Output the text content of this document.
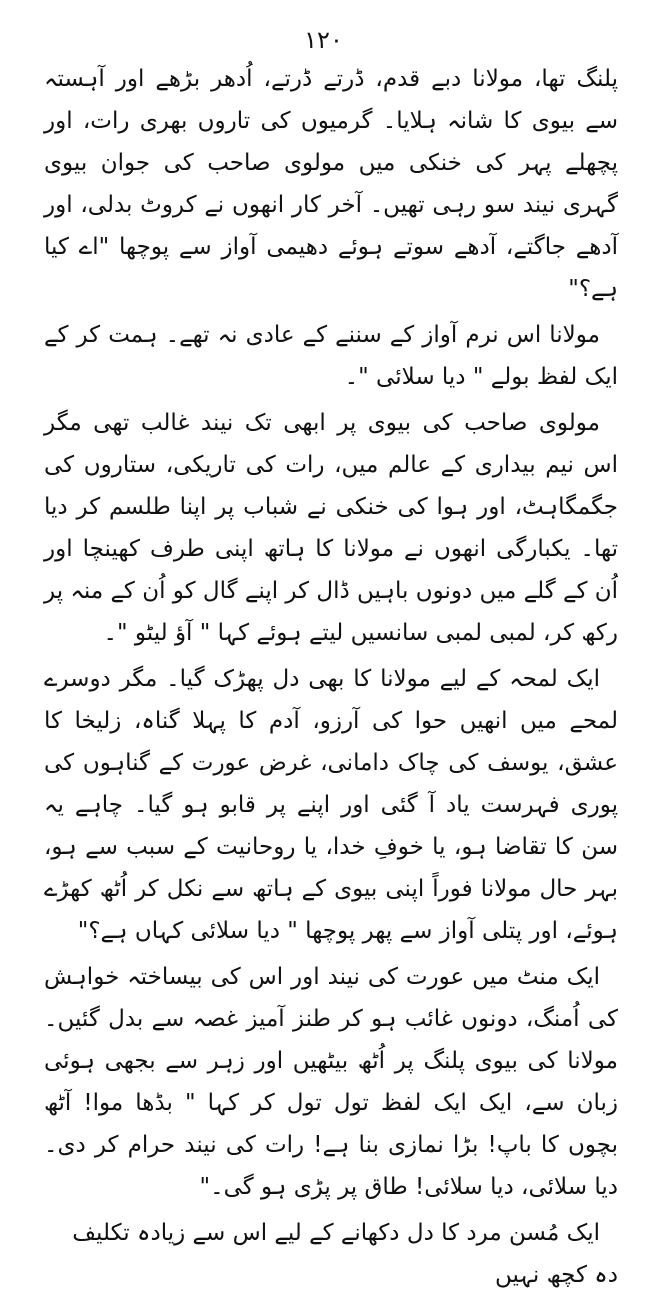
۱۲۰

پلنگ تھا، مولانا دبے قدم، ڈرتے ڈرتے، اُدھر بڑھے اور آہستہ سے بیوی کا شانہ ہلایا۔ گرمیوں کی تاروں بھری رات، اور پچھلے پہر کی خنکی میں مولوی صاحب کی جوان بیوی گہری نیند سو رہی تھیں۔ آخر کار انھوں نے کروٹ بدلی، اور آدھے جاگتے، آدھے سوتے ہوئے دھیمی آواز سے پوچھا "اے کیا ہے؟"

مولانا اس نرم آواز کے سننے کے عادی نہ تھے۔ ہمت کر کے ایک لفظ بولے " دیا سلائی "۔

مولوی صاحب کی بیوی پر ابھی تک نیند غالب تھی مگر اس نیم بیداری کے عالم میں، رات کی تاریکی، ستاروں کی جگمگاہٹ، اور ہوا کی خنکی نے شباب پر اپنا طلسم کر دیا تھا۔ یکبارگی انھوں نے مولانا کا ہاتھ اپنی طرف کھینچا اور اُن کے گلے میں دونوں باہیں ڈال کر اپنے گال کو اُن کے منہ پر رکھ کر، لمبی لمبی سانسیں لیتے ہوئے کہا " آؤ لیٹو "۔

ایک لمحہ کے لیے مولانا کا بھی دل پھڑک گیا۔ مگر دوسرے لمحے میں انھیں حوا کی آرزو، آدم کا پہلا گناہ، زلیخا کا عشق، یوسف کی چاک دامانی، غرض عورت کے گناہوں کی پوری فہرست یاد آ گئی اور اپنے پر قابو ہو گیا۔ چاہے یہ سن کا تقاضا ہو، یا خوفِ خدا، یا روحانیت کے سبب سے ہو، بہر حال مولانا فوراً اپنی بیوی کے ہاتھ سے نکل کر اُٹھ کھڑے ہوئے، اور پتلی آواز سے پھر پوچھا " دیا سلائی کہاں ہے؟"

ایک منٹ میں عورت کی نیند اور اس کی بیساختہ خواہش کی اُمنگ، دونوں غائب ہو کر طنز آمیز غصہ سے بدل گئیں۔ مولانا کی بیوی پلنگ پر اُٹھ بیٹھیں اور زہر سے بجھی ہوئی زبان سے، ایک ایک لفظ تول تول کر کہا " بڈھا موا! آٹھ بچوں کا باپ! بڑا نمازی بنا ہے! رات کی نیند حرام کر دی۔ دیا سلائی، دیا سلائی! طاق پر پڑی ہو گی۔"

ایک مُسن مرد کا دل دکھانے کے لیے اس سے زیادہ تکلیف دہ کچھ نہیں
